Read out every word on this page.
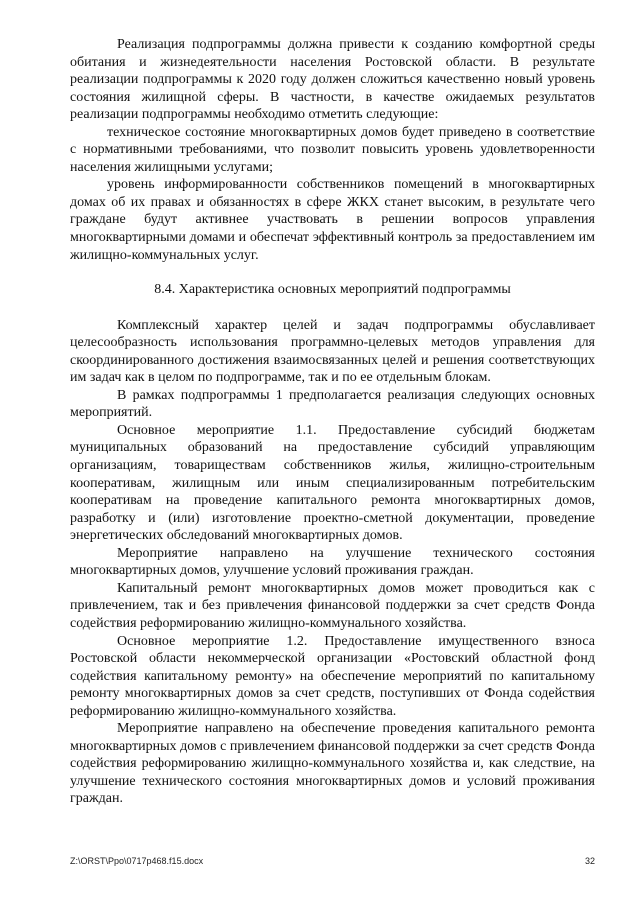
Реализация подпрограммы должна привести к созданию комфортной среды обитания и жизнедеятельности населения Ростовской области. В результате реализации подпрограммы к 2020 году должен сложиться качественно новый уровень состояния жилищной сферы. В частности, в качестве ожидаемых результатов реализации подпрограммы необходимо отметить следующие:

техническое состояние многоквартирных домов будет приведено в соответствие с нормативными требованиями, что позволит повысить уровень удовлетворенности населения жилищными услугами;

уровень информированности собственников помещений в многоквартирных домах об их правах и обязанностях в сфере ЖКХ станет высоким, в результате чего граждане будут активнее участвовать в решении вопросов управления многоквартирными домами и обеспечат эффективный контроль за предоставлением им жилищно-коммунальных услуг.

8.4. Характеристика основных мероприятий подпрограммы

Комплексный характер целей и задач подпрограммы обуславливает целесообразность использования программно-целевых методов управления для скоординированного достижения взаимосвязанных целей и решения соответствующих им задач как в целом по подпрограмме, так и по ее отдельным блокам.

В рамках подпрограммы 1 предполагается реализация следующих основных мероприятий.

Основное мероприятие 1.1. Предоставление субсидий бюджетам муниципальных образований на предоставление субсидий управляющим организациям, товариществам собственников жилья, жилищно-строительным кооперативам, жилищным или иным специализированным потребительским кооперативам на проведение капитального ремонта многоквартирных домов, разработку и (или) изготовление проектно-сметной документации, проведение энергетических обследований многоквартирных домов.

Мероприятие направлено на улучшение технического состояния многоквартирных домов, улучшение условий проживания граждан.

Капитальный ремонт многоквартирных домов может проводиться как с привлечением, так и без привлечения финансовой поддержки за счет средств Фонда содействия реформированию жилищно-коммунального хозяйства.

Основное мероприятие 1.2. Предоставление имущественного взноса Ростовской области некоммерческой организации «Ростовский областной фонд содействия капитальному ремонту» на обеспечение мероприятий по капитальному ремонту многоквартирных домов за счет средств, поступивших от Фонда содействия реформированию жилищно-коммунального хозяйства.

Мероприятие направлено на обеспечение проведения капитального ремонта многоквартирных домов с привлечением финансовой поддержки за счет средств Фонда содействия реформированию жилищно-коммунального хозяйства и, как следствие, на улучшение технического состояния многоквартирных домов и условий проживания граждан.

Z:\ORST\Ppo\0717p468.f15.docx	32
